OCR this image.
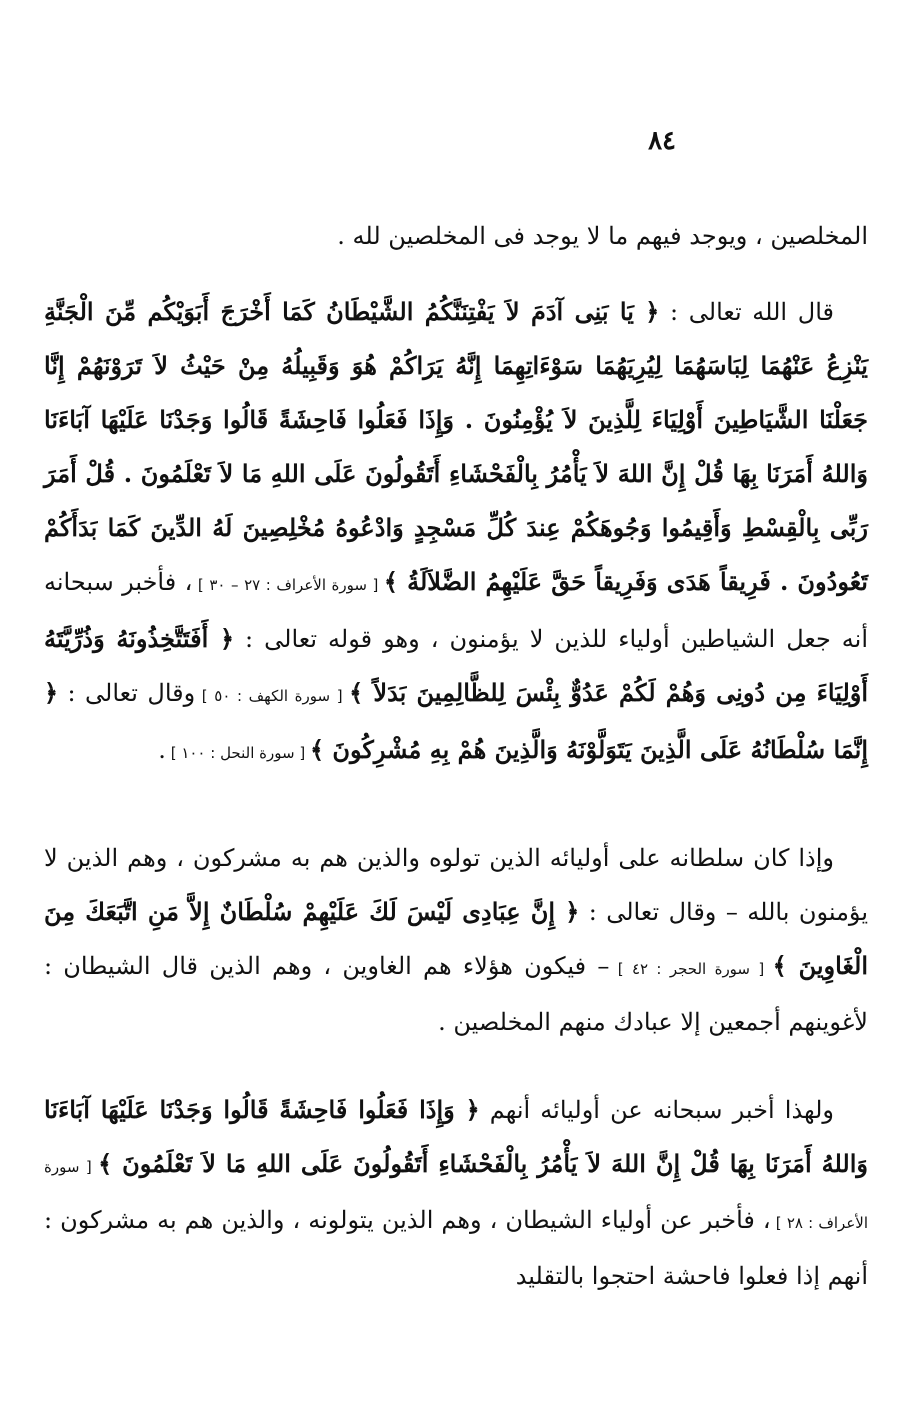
٨٤

المخلصين ، ويوجد فيهم ما لا يوجد فى المخلصين لله .

قال الله تعالى : ﴿ يَا بَنِى آدَمَ لاَ يَفْتِنَنَّكُمُ الشَّيْطَانُ كَمَا أَخْرَجَ أَبَوَيْكُم مِّنَ الْجَنَّةِ يَنْزِعُ عَنْهُمَا لِبَاسَهُمَا لِيُرِيَهُمَا سَوْءَاتِهِمَا إِنَّهُ يَرَاكُمْ هُوَ وَقَبِيلُهُ مِنْ حَيْثُ لاَ تَرَوْنَهُمْ إِنَّا جَعَلْنَا الشَّيَاطِينَ أَوْلِيَاءَ لِلَّذِينَ لاَ يُؤْمِنُونَ . وَإِذَا فَعَلُوا فَاحِشَةً قَالُوا وَجَدْنَا عَلَيْهَا آبَاءَنَا وَاللهُ أَمَرَنَا بِهَا قُلْ إِنَّ اللهَ لاَ يَأْمُرُ بِالْفَحْشَاءِ أَتَقُولُونَ عَلَى اللهِ مَا لاَ تَعْلَمُونَ . قُلْ أَمَرَ رَبِّى بِالْقِسْطِ وَأَقِيمُوا وَجُوهَكُمْ عِندَ كُلِّ مَسْجِدٍ وَادْعُوهُ مُخْلِصِينَ لَهُ الدِّينَ كَمَا بَدَأَكُمْ تَعُودُونَ . فَرِيقاً هَدَى وَفَرِيقاً حَقَّ عَلَيْهِمُ الضَّلاَلَةُ ﴾ [ سورة الأعراف : ٢٧ – ٣٠ ] ، فأخبر سبحانه أنه جعل الشياطين أولياء للذين لا يؤمنون ، وهو قوله تعالى : ﴿ أَفَتَتَّخِذُونَهُ وَذُرِّيَّتَهُ أَوْلِيَاءَ مِن دُونِى وَهُمْ لَكُمْ عَدُوٌّ بِئْسَ لِلظَّالِمِينَ بَدَلاً ﴾ [ سورة الكهف : ٥٠ ] وقال تعالى : ﴿ إِنَّمَا سُلْطَانُهُ عَلَى الَّذِينَ يَتَوَلَّوْنَهُ وَالَّذِينَ هُمْ بِهِ مُشْرِكُونَ ﴾ [ سورة النحل : ١٠٠ ] .

وإذا كان سلطانه على أوليائه الذين تولوه والذين هم به مشركون ، وهم الذين لا يؤمنون بالله – وقال تعالى : ﴿ إِنَّ عِبَادِى لَيْسَ لَكَ عَلَيْهِمْ سُلْطَانٌ إِلاَّ مَنِ اتَّبَعَكَ مِنَ الْغَاوِينَ ﴾ [ سورة الحجر : ٤٢ ] – فيكون هؤلاء هم الغاوين ، وهم الذين قال الشيطان : لأغوينهم أجمعين إلا عبادك منهم المخلصين .

ولهذا أخبر سبحانه عن أوليائه أنهم ﴿ وَإِذَا فَعَلُوا فَاحِشَةً قَالُوا وَجَدْنَا عَلَيْهَا آبَاءَنَا وَاللهُ أَمَرَنَا بِهَا قُلْ إِنَّ اللهَ لاَ يَأْمُرُ بِالْفَحْشَاءِ أَتَقُولُونَ عَلَى اللهِ مَا لاَ تَعْلَمُونَ ﴾ [ سورة الأعراف : ٢٨ ] ، فأخبر عن أولياء الشيطان ، وهم الذين يتولونه ، والذين هم به مشركون : أنهم إذا فعلوا فاحشة احتجوا بالتقليد
